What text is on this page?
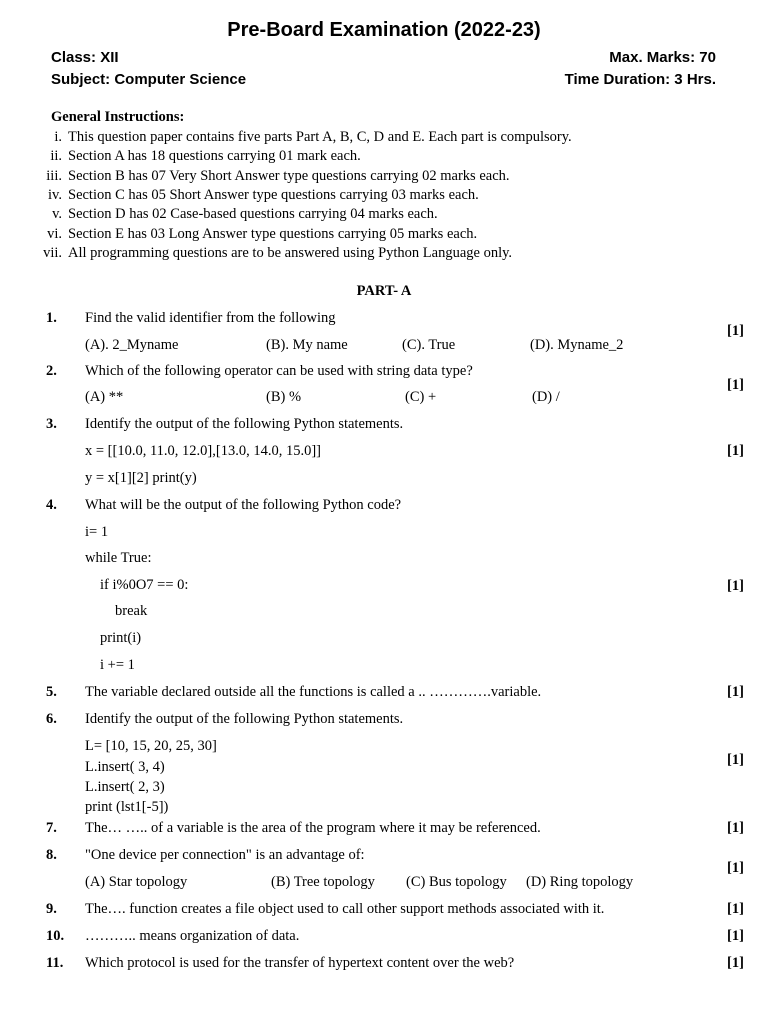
Pre-Board Examination (2022-23)
Class: XII	Max. Marks: 70
Subject: Computer Science	Time Duration: 3 Hrs.
General Instructions:
i. This question paper contains five parts Part A, B, C, D and E. Each part is compulsory.
ii. Section A has 18 questions carrying 01 mark each.
iii. Section B has 07 Very Short Answer type questions carrying 02 marks each.
iv. Section C has 05 Short Answer type questions carrying 03 marks each.
v. Section D has 02 Case-based questions carrying 04 marks each.
vi. Section E has 03 Long Answer type questions carrying 05 marks each.
vii. All programming questions are to be answered using Python Language only.
PART- A
1. Find the valid identifier from the following
(A). 2_Myname	(B). My name	(C). True	(D). Myname_2
[1]
2. Which of the following operator can be used with string data type?
(A) **	(B) %	(C) +	(D) /
[1]
3. Identify the output of the following Python statements.
x = [[10.0, 11.0, 12.0],[13.0, 14.0, 15.0]]
y = x[1][2] print(y)
[1]
4. What will be the output of the following Python code?
i= 1
while True:
if i%0O7 == 0:
break
print(i)
i += 1
[1]
5. The variable declared outside all the functions is called a .. ………….variable.	[1]
6. Identify the output of the following Python statements.
L= [10, 15, 20, 25, 30]
L.insert( 3, 4)
L.insert( 2, 3)
print (lst1[-5])
[1]
7. The… ….. of a variable is the area of the program where it may be referenced.	[1]
8. "One device per connection" is an advantage of:
(A) Star topology	(B) Tree topology (C) Bus topology (D) Ring topology
[1]
9. The…. function creates a file object used to call other support methods associated with it.	[1]
10. ……….. means organization of data.	[1]
11. Which protocol is used for the transfer of hypertext content over the web?	[1]
